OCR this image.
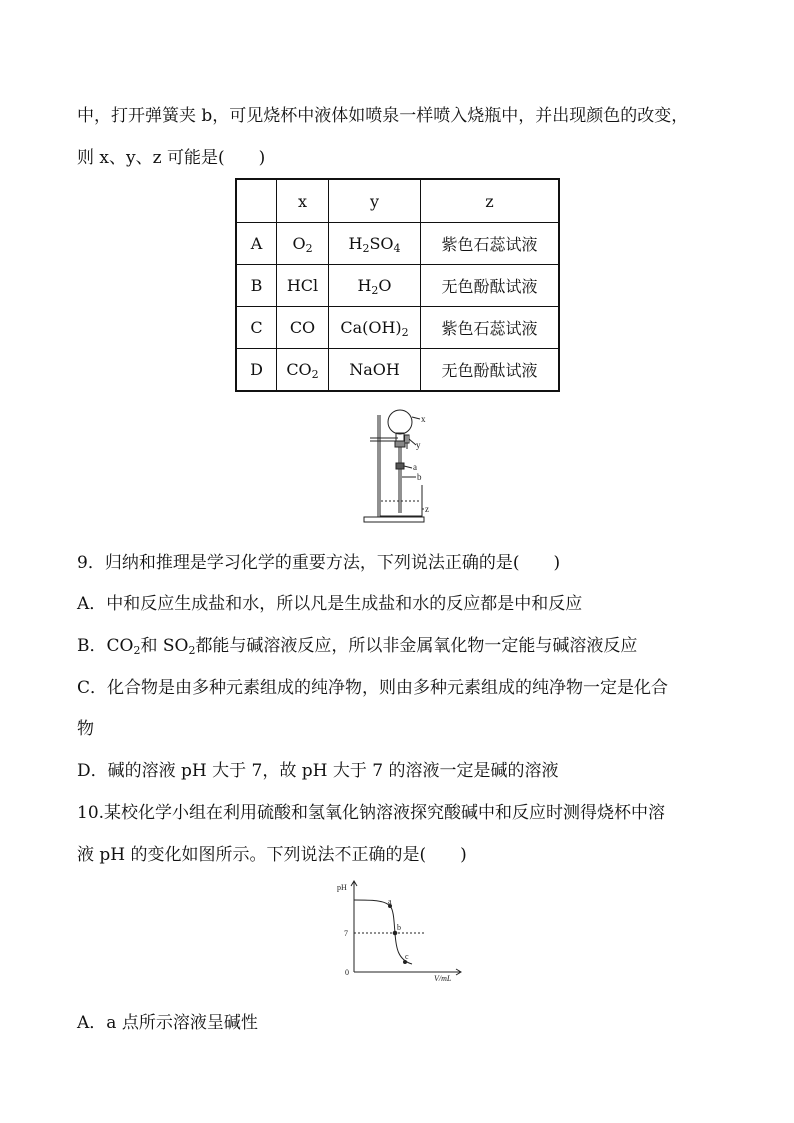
中，打开弹簧夹 b，可见烧杯中液体如喷泉一样喷入烧瓶中，并出现颜色的改变，
则 x、y、z 可能是(　　)
	x	y	z
A	$O_2$	$H_2SO_4$	紫色石蕊试液
B	HCl	$H_2O$	无色酚酞试液
C	CO	$Ca(OH)_2$	紫色石蕊试液
D	$CO_2$	NaOH	无色酚酞试液
x
y
a
b
z
9．归纳和推理是学习化学的重要方法，下列说法正确的是(　　)
A．中和反应生成盐和水，所以凡是生成盐和水的反应都是中和反应
B．$CO_2$和 $SO_2$都能与碱溶液反应，所以非金属氧化物一定能与碱溶液反应
C．化合物是由多种元素组成的纯净物，则由多种元素组成的纯净物一定是化合
物
D．碱的溶液 pH 大于 7，故 pH 大于 7 的溶液一定是碱的溶液
10.某校化学小组在利用硫酸和氢氧化钠溶液探究酸碱中和反应时测得烧杯中溶
液 pH 的变化如图所示。下列说法不正确的是(　　)
pH
7
0
V/mL
a
b
c
A．a 点所示溶液呈碱性
